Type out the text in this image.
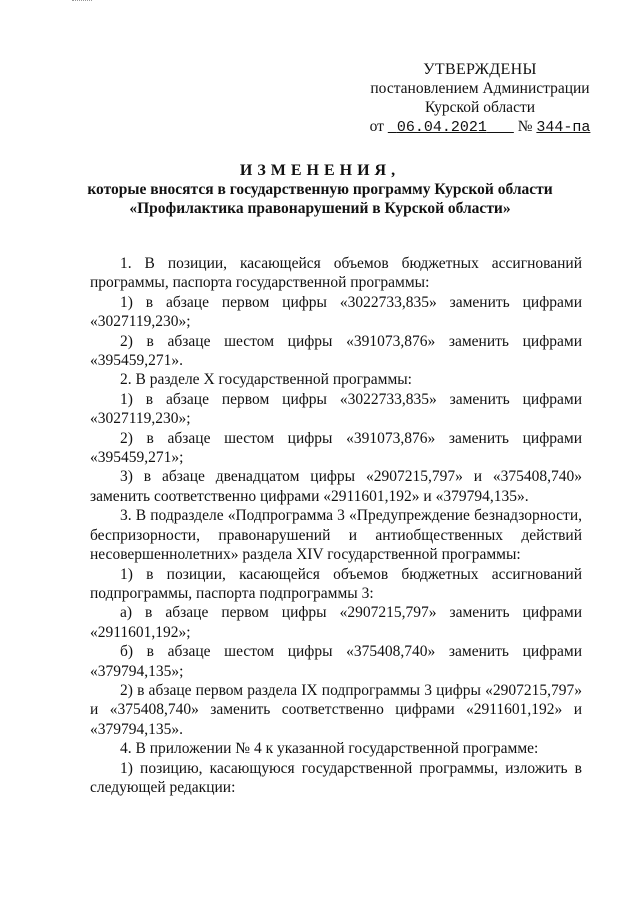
УТВЕРЖДЕНЫ
постановлением Администрации
Курской области
от 06.04.2021 № 344-па
ИЗМЕНЕНИЯ,
которые вносятся в государственную программу Курской области
«Профилактика правонарушений в Курской области»

1. В позиции, касающейся объемов бюджетных ассигнований программы, паспорта государственной программы:

1) в абзаце первом цифры «3022733,835» заменить цифрами «3027119,230»;

2) в абзаце шестом цифры «391073,876» заменить цифрами «395459,271».

2. В разделе X государственной программы:

1) в абзаце первом цифры «3022733,835» заменить цифрами «3027119,230»;

2) в абзаце шестом цифры «391073,876» заменить цифрами «395459,271»;

3) в абзаце двенадцатом цифры «2907215,797» и «375408,740» заменить соответственно цифрами «2911601,192» и «379794,135».

3. В подразделе «Подпрограмма 3 «Предупреждение безнадзорности, беспризорности, правонарушений и антиобщественных действий несовершеннолетних» раздела XIV государственной программы:

1) в позиции, касающейся объемов бюджетных ассигнований подпрограммы, паспорта подпрограммы 3:

а) в абзаце первом цифры «2907215,797» заменить цифрами «2911601,192»;

б) в абзаце шестом цифры «375408,740» заменить цифрами «379794,135»;

2) в абзаце первом раздела IX подпрограммы 3 цифры «2907215,797» и «375408,740» заменить соответственно цифрами «2911601,192» и «379794,135».

4. В приложении № 4 к указанной государственной программе:

1) позицию, касающуюся государственной программы, изложить в следующей редакции:
